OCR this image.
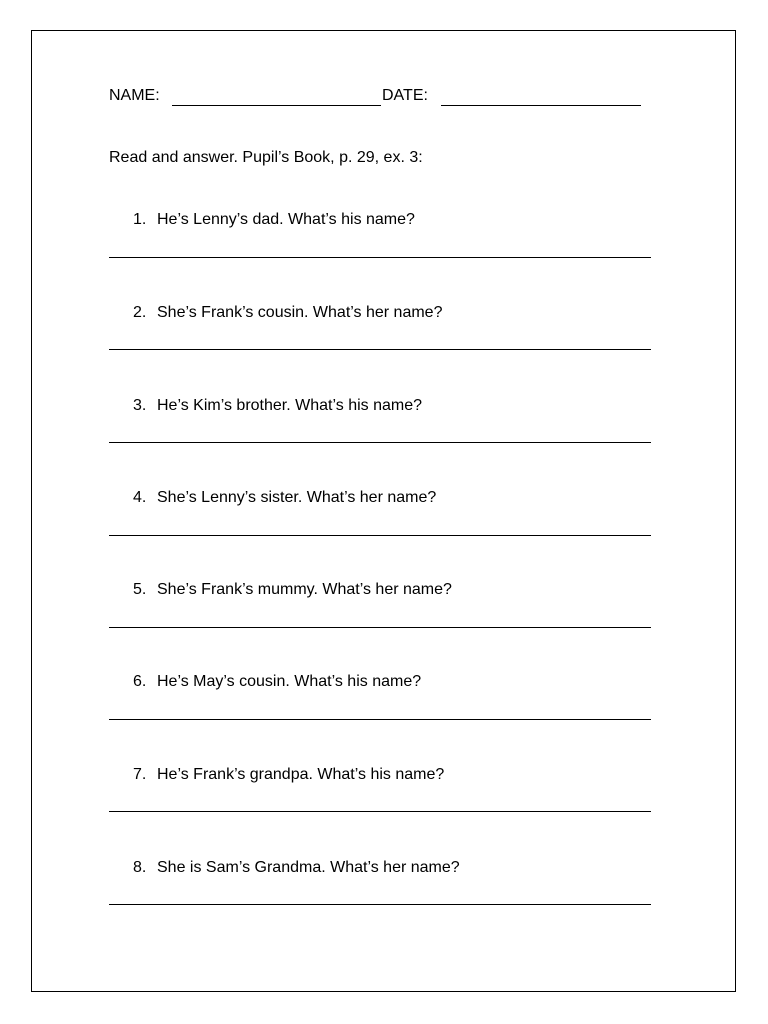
NAME:	DATE:
Read and answer. Pupil’s Book, p. 29, ex. 3:
1. He’s Lenny’s dad. What’s his name?
2. She’s Frank’s cousin. What’s her name?
3. He’s Kim’s brother. What’s his name?
4. She’s Lenny’s sister. What’s her name?
5. She’s Frank’s mummy. What’s her name?
6. He’s May’s cousin. What’s his name?
7. He’s Frank’s grandpa. What’s his name?
8. She is Sam’s Grandma. What’s her name?
